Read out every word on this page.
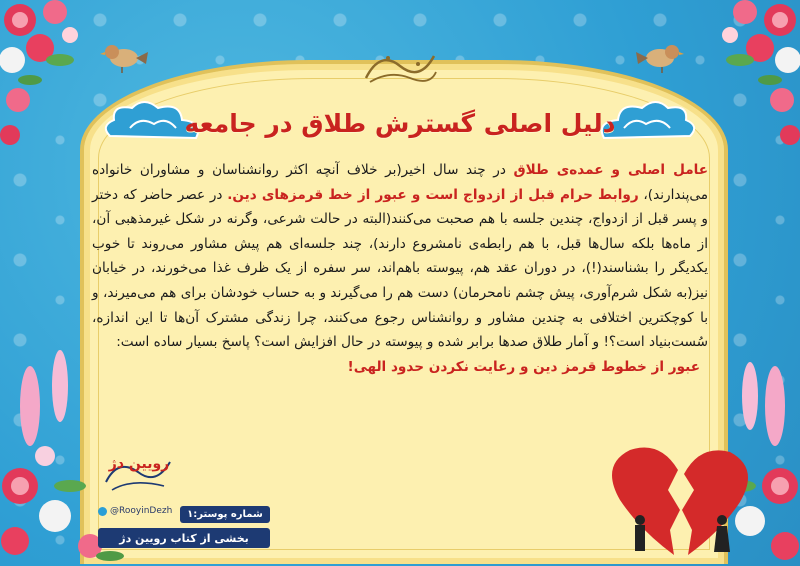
دلیل اصلی گسترش طلاق در جامعه
عامل اصلی و عمده‌ی طلاق در چند سال اخیر(بر خلاف آنچه اکثر روانشناسان و مشاوران خانواده می‌پندارند)، روابط حرام قبل از ازدواج است و عبور از خط قرمزهای دین. در عصر حاضر که دختر و پسر قبل از ازدواج، چندین جلسه با هم صحبت می‌کنند(البته در حالت شرعی، وگرنه در شکل غیرمذهبی آن، از ماه‌ها بلکه سال‌ها قبل، با هم رابطه‌ی نامشروع دارند)، چند جلسه‌ای هم پیش مشاور می‌روند تا خوب یکدیگر را بشناسند(!)، در دوران عقد هم، پیوسته باهم‌اند، سر سفره از یک ظرف غذا می‌خورند، در خیابان نیز(به شکل شرم‌آوری، پیش چشم نامحرمان) دست هم را می‌گیرند و به حساب خودشان برای هم می‌میرند، و با کوچکترین اختلافی به چندین مشاور و روانشناس رجوع می‌کنند، چرا زندگی مشترک آن‌ها تا این اندازه، سُست‌بنیاد است؟! و آمار طلاق صدها برابر شده و پیوسته در حال افزایش است؟ پاسخ بسیار ساده است:
عبور از خطوط قرمز دین و رعایت نکردن حدود الهی!
رویین دژ
@RooyinDezh	شماره پوستر:۱
بخشی از کتاب رویین دژ
